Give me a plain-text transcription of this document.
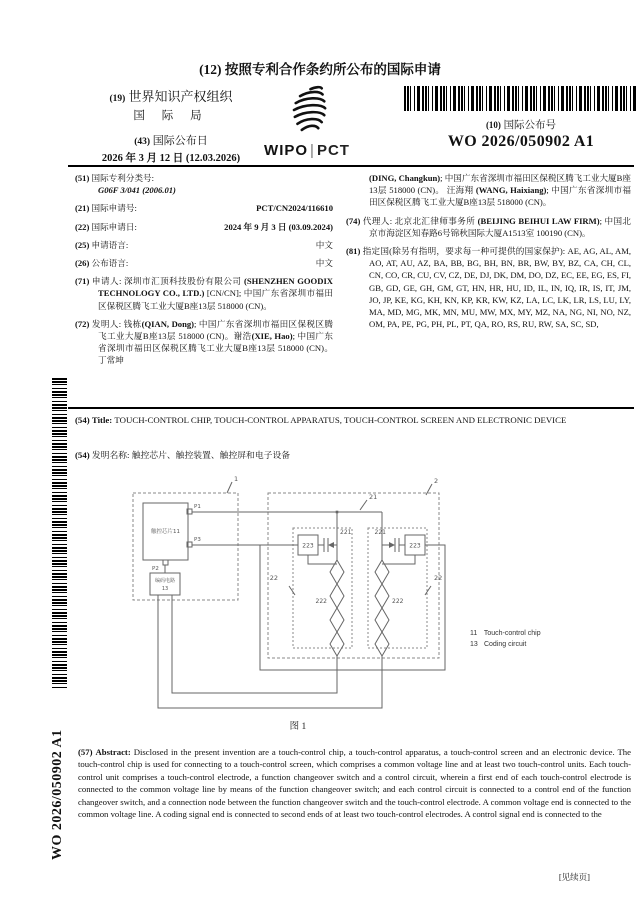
WO 2026/050902 A1
(12) 按照专利合作条约所公布的国际申请
(19) 世界知识产权组织
国 际 局
(43) 国际公布日
2026 年 3 月 12 日 (12.03.2026)	WIPO | PCT
(10) 国际公布号
WO 2026/050902 A1
(51) 国际专利分类号:
G06F 3/041 (2006.01)
(21) 国际申请号:	PCT/CN2024/116610
(22) 国际申请日:	2024 年 9 月 3 日 (03.09.2024)
(25) 申请语言:	中文
(26) 公布语言:	中文
(71) 申请人: 深圳市汇顶科技股份有限公司 (SHENZHEN GOODIX TECHNOLOGY CO., LTD.) [CN/CN]; 中国广东省深圳市福田区保税区腾飞工业大厦B座13层 518000 (CN)。
(72) 发明人: 钱栋(QIAN, Dong); 中国广东省深圳市福田区保税区腾飞工业大厦B座13层 518000 (CN)。谢浩(XIE, Hao); 中国广东省深圳市福田区保税区腾飞工业大厦B座13层 518000 (CN)。 丁常坤
(DING, Changkun); 中国广东省深圳市福田区保税区腾飞工业大厦B座13层 518000 (CN)。 汪海翔 (WANG, Haixiang); 中国广东省深圳市福田区保税区腾飞工业大厦B座13层 518000 (CN)。
(74) 代理人: 北京北汇律师事务所 (BEIJING BEIHUI LAW FIRM); 中国北京市海淀区知春路6号锦秋国际大厦A1513室 100190 (CN)。
(81) 指定国(除另有指明，要求每一种可提供的国家保护): AE, AG, AL, AM, AO, AT, AU, AZ, BA, BB, BG, BH, BN, BR, BW, BY, BZ, CA, CH, CL, CN, CO, CR, CU, CV, CZ, DE, DJ, DK, DM, DO, DZ, EC, EE, EG, ES, FI, GB, GD, GE, GH, GM, GT, HN, HR, HU, ID, IL, IN, IQ, IR, IS, IT, JM, JO, JP, KE, KG, KH, KN, KP, KR, KW, KZ, LA, LC, LK, LR, LS, LU, LY, MA, MD, MG, MK, MN, MU, MW, MX, MY, MZ, NA, NG, NI, NO, NZ, OM, PA, PE, PG, PH, PL, PT, QA, RO, RS, RU, RW, SA, SC, SD,
(54) Title: TOUCH-CONTROL CHIP, TOUCH-CONTROL APPARATUS, TOUCH-CONTROL SCREEN AND ELECTRONIC DEVICE
(54) 发明名称: 触控芯片、触控装置、触控屏和电子设备
1	2
21
22	22
221	221
222	222
223	223
触控芯片11
编码电路
13
P1
P3
P2
11 Touch-control chip
13 Coding circuit
图 1
(57) Abstract: Disclosed in the present invention are a touch-control chip, a touch-control apparatus, a touch-control screen and an electronic device. The touch-control chip is used for connecting to a touch-control screen, which comprises a common voltage line and at least two touch-control units. Each touch-control unit comprises a touch-control electrode, a function changeover switch and a control circuit, wherein a first end of each touch-control electrode is connected to the common voltage line by means of the function changeover switch; and each control circuit is connected to a control end of the function changeover switch, and a connection node between the function changeover switch and the touch-control electrode. A common voltage end is connected to the common voltage line. A coding signal end is connected to second ends of at least two touch-control electrodes. A control signal end is connected to the
[见续页]
